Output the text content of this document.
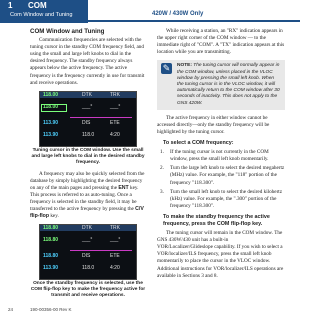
1 COM
Com Window and Tuning	420W / 430W Only
COM Window and Tuning

Communication frequencies are selected with the tuning cursor in the standby COM frequency field, and using the small and large left knobs to dial in the desired frequency. The standby frequency always appears below the active frequency. The active frequency is the frequency currently in use for transmit and receive operations.

118.00	DTK	TRK
118.00	___°	___°
113.90	DIS	ETE
113.90	118.0	4:20
Tuning cursor in the COM window. Use the small and large left knobs to dial in the desired standby frequency.

A frequency may also be quickly selected from the database by simply highlighting the desired frequency on any of the main pages and pressing the ENT key. This process is referred to as auto-tuning. Once a frequency is selected in the standby field, it may be transferred to the active frequency by pressing the C/V flip-flop key.

118.80	DTK	TRK
118.80	___°	___°
118.80	DIS	ETE
113.90	118.0	4:20
Once the standby frequency is selected, use the COM flip-flop key to make the frequency active for transmit and receive operations.

While receiving a station, an "RX" indication appears in the upper right corner of the COM window — to the immediate right of "COM". A "TX" indication appears at this location while you are transmitting.

✎	NOTE: The tuning cursor will normally appear in the COM window, unless placed in the VLOC window by pressing the small left knob. When the tuning cursor is in the VLOC window, it will automatically return to the COM window after 30 seconds of inactivity. This does not apply to the GNS 420W.

The active frequency in either window cannot be accessed directly—only the standby frequency will be highlighted by the tuning cursor.

To select a COM frequency:
1. If the tuning cursor is not currently in the COM window, press the small left knob momentarily.
2. Turn the large left knob to select the desired megahertz (MHz) value. For example, the "118" portion of the frequency "118.300".
3. Turn the small left knob to select the desired kilohertz (kHz) value. For example, the ".300" portion of the frequency "118.300".
To make the standby frequency the active frequency, press the COM flip-flop key.

The tuning cursor will remain in the COM window. The GNS 430W/430 unit has a built-in VOR/Localizer/Glideslope capability. If you wish to select a VOR/localizer/ILS frequency, press the small left knob momentarily to place the cursor in the VLOC window. Additional instructions for VOR/localizer/ILS operations are available in Sections 3 and 8.

24	190-00356-00 Rev K
